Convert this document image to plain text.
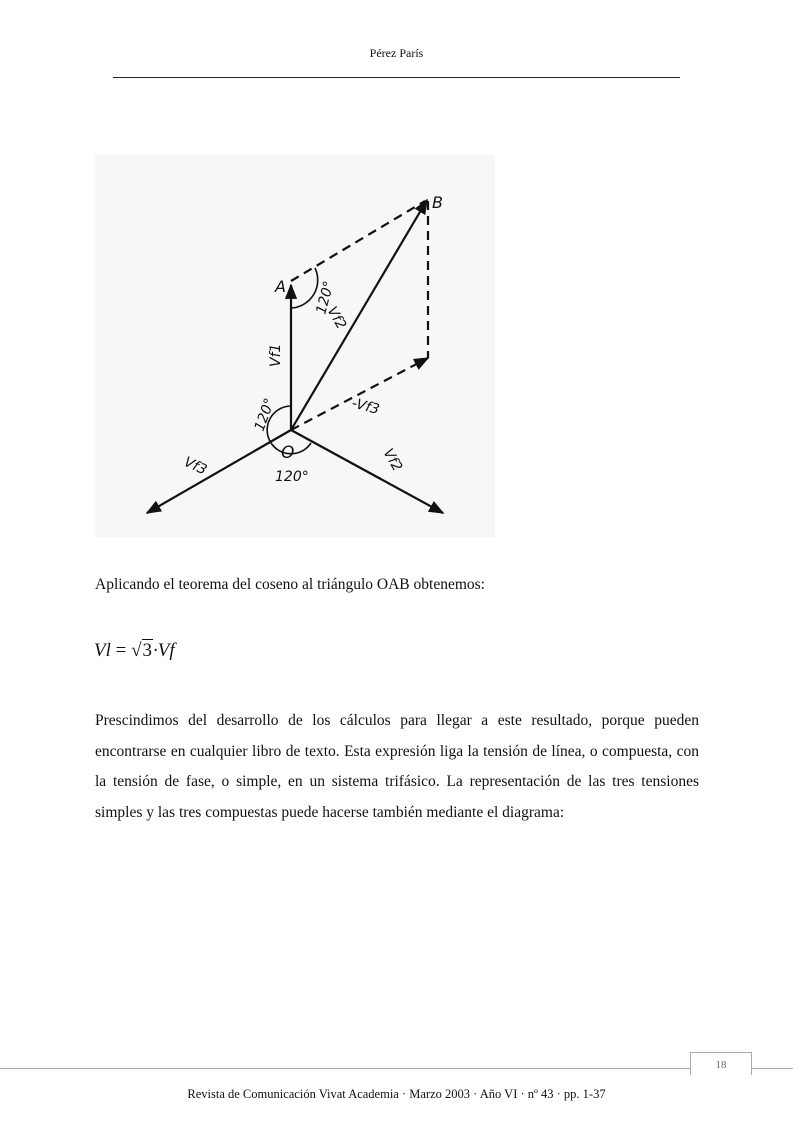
Pérez París
A
B
O
Vf1
Vf2
120°
-Vf3
120°
120°
Vf3	Vf2
Aplicando el teorema del coseno al triángulo OAB obtenemos:
Vl = √3·Vf
Prescindimos del desarrollo de los cálculos para llegar a este resultado, porque pueden encontrarse en cualquier libro de texto. Esta expresión liga la tensión de línea, o compuesta, con la tensión de fase, o simple, en un sistema trifásico. La representación de las tres tensiones simples y las tres compuestas puede hacerse también mediante el diagrama:
18
Revista de Comunicación Vivat Academia · Marzo 2003 · Año VI · nº 43 · pp. 1-37
